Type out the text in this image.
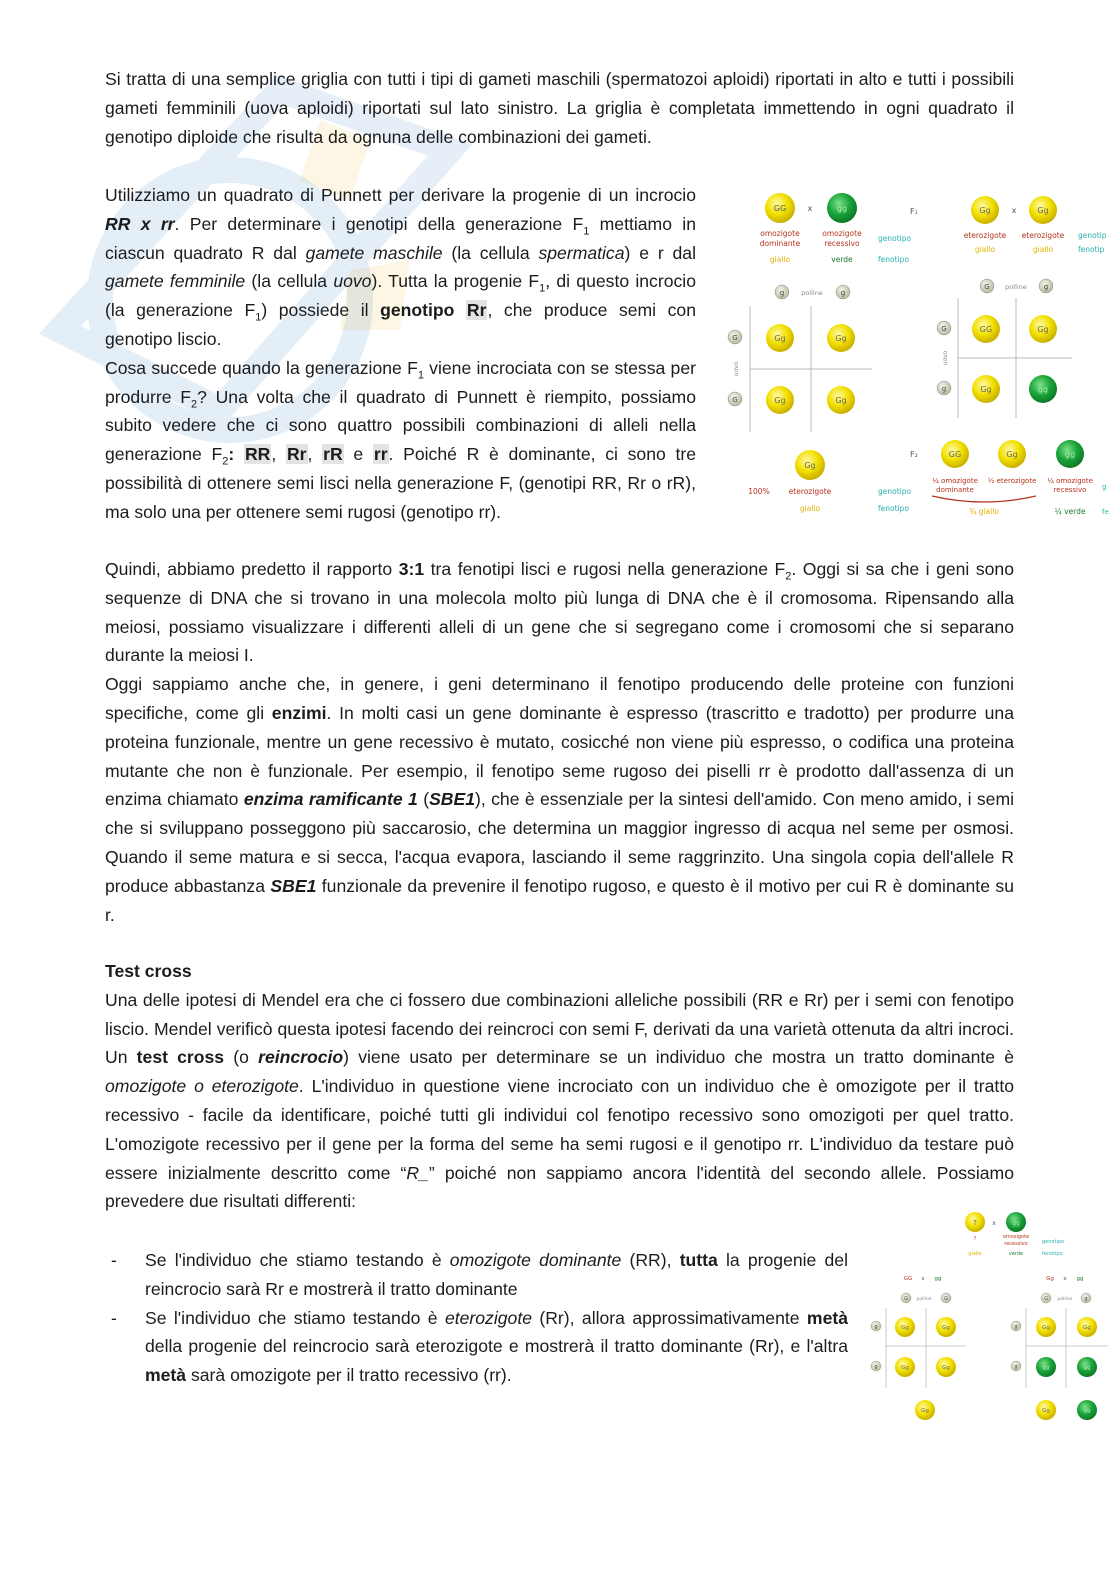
Si tratta di una semplice griglia con tutti i tipi di gameti maschili (spermatozoi aploidi) riportati in alto e tutti i possibili gameti femminili (uova aploidi) riportati sul lato sinistro. La griglia è completata immettendo in ogni quadrato il genotipo diploide che risulta da ognuna delle combinazioni dei gameti.

Utilizziamo un quadrato di Punnett per derivare la progenie di un incrocio RR x rr. Per determinare i genotipi della generazione $F_1$ mettiamo in ciascun quadrato R dal gamete maschile (la cellula spermatica) e r dal gamete femminile (la cellula uovo). Tutta la progenie $F_1$, di questo incrocio (la generazione $F_1$) possiede il genotipo Rr, che produce semi con genotipo liscio.

Cosa succede quando la generazione $F_1$ viene incrociata con se stessa per produrre $F_2$? Una volta che il quadrato di Punnett è riempito, possiamo subito vedere che ci sono quattro possibili combinazioni di alleli nella generazione $F_2$: RR, Rr, rR e rr. Poiché R è dominante, ci sono tre possibilità di ottenere semi lisci nella generazione F, (genotipi RR, Rr o rR), ma solo una per ottenere semi rugosi (genotipo rr).

GG	x	gg
omozigote
dominante
omozigote
recessivo
giallo	verde
genotipo
fenotipo
F₁
g	polline	g
G
G
uovo
Gg	Gg
Gg	Gg
Gg
100%	eterozigote
giallo
genotipo
fenotipo
Gg	x	Gg
eterozigote eterozigote
giallo	giallo
genotip
fenotip
G polline g
G
g
uovo
GG	Gg
Gg	gg
F₂	GG	Gg	gg
¼ omozigote
dominante
½ eterozigote ¼ omozigote
recessivo g
¾ giallo	¼ verde fe

Quindi, abbiamo predetto il rapporto 3:1 tra fenotipi lisci e rugosi nella generazione $F_2$. Oggi si sa che i geni sono sequenze di DNA che si trovano in una molecola molto più lunga di DNA che è il cromosoma. Ripensando alla meiosi, possiamo visualizzare i differenti alleli di un gene che si segregano come i cromosomi che si separano durante la meiosi I.

Oggi sappiamo anche che, in genere, i geni determinano il fenotipo producendo delle proteine con funzioni specifiche, come gli enzimi. In molti casi un gene dominante è espresso (trascritto e tradotto) per produrre una proteina funzionale, mentre un gene recessivo è mutato, cosicché non viene più espresso, o codifica una proteina mutante che non è funzionale. Per esempio, il fenotipo seme rugoso dei piselli rr è prodotto dall'assenza di un enzima chiamato enzima ramificante 1 (SBE1), che è essenziale per la sintesi dell'amido. Con meno amido, i semi che si sviluppano posseggono più saccarosio, che determina un maggior ingresso di acqua nel seme per osmosi. Quando il seme matura e si secca, l'acqua evapora, lasciando il seme raggrinzito. Una singola copia dell'allele R produce abbastanza SBE1 funzionale da prevenire il fenotipo rugoso, e questo è il motivo per cui R è dominante su r.

Test cross

Una delle ipotesi di Mendel era che ci fossero due combinazioni alleliche possibili (RR e Rr) per i semi con fenotipo liscio. Mendel verificò questa ipotesi facendo dei reincroci con semi F, derivati da una varietà ottenuta da altri incroci. Un test cross (o reincrocio) viene usato per determinare se un individuo che mostra un tratto dominante è omozigote o eterozigote. L'individuo in questione viene incrociato con un individuo che è omozigote per il tratto recessivo - facile da identificare, poiché tutti gli individui col fenotipo recessivo sono omozigoti per quel tratto. L'omozigote recessivo per il gene per la forma del seme ha semi rugosi e il genotipo rr. L'individuo da testare può essere inizialmente descritto come “R_” poiché non sappiamo ancora l'identità del secondo allele. Possiamo prevedere due risultati differenti:

- Se l'individuo che stiamo testando è omozigote dominante (RR), tutta la progenie del reincrocio sarà Rr e mostrerà il tratto dominante
- Se l'individuo che stiamo testando è eterozigote (Rr), allora approssimativamente metà della progenie del reincrocio sarà eterozigote e mostrerà il tratto dominante (Rr), e l'altra metà sarà omozigote per il tratto recessivo (rr).
?	x	gg
?	omozigote
recessivo
giallo	verde
genotipo
fenotipo
GG x gg
G polline	G
g
g
Gg	Gg
Gg	Gg
Gg
Gg x gg
G polline g
g
g
Gg	Gg
gg	gg
Gg	gg
